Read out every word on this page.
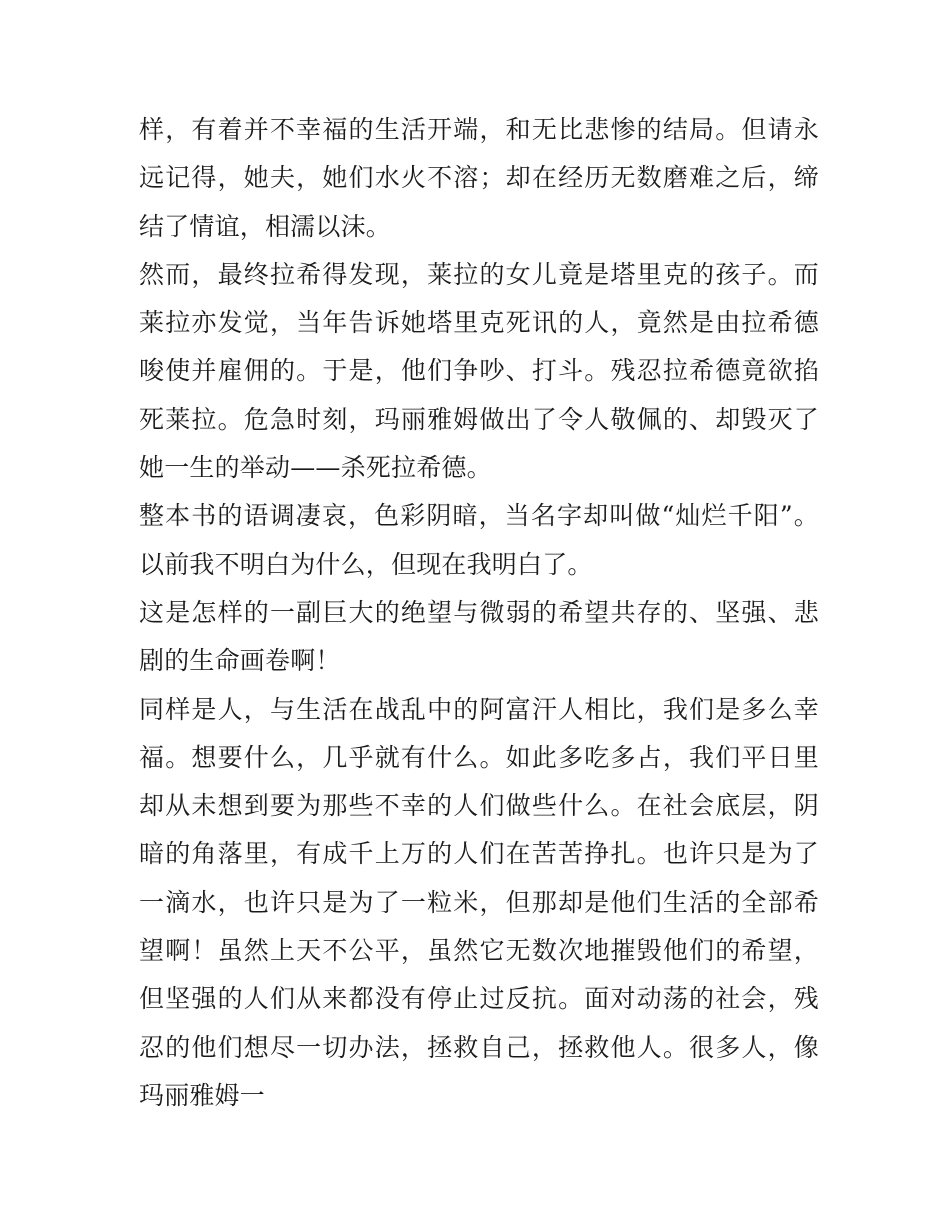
样，有着并不幸福的生活开端，和无比悲惨的结局。但请永远记得，她夫，她们水火不溶；却在经历无数磨难之后，缔结了情谊，相濡以沫。

然而，最终拉希得发现，莱拉的女儿竟是塔里克的孩子。而莱拉亦发觉，当年告诉她塔里克死讯的人，竟然是由拉希德唆使并雇佣的。于是，他们争吵、打斗。残忍拉希德竟欲掐死莱拉。危急时刻，玛丽雅姆做出了令人敬佩的、却毁灭了她一生的举动——杀死拉希德。

整本书的语调凄哀，色彩阴暗，当名字却叫做“灿烂千阳”。以前我不明白为什么，但现在我明白了。

这是怎样的一副巨大的绝望与微弱的希望共存的、坚强、悲剧的生命画卷啊！

同样是人，与生活在战乱中的阿富汗人相比，我们是多么幸福。想要什么，几乎就有什么。如此多吃多占，我们平日里却从未想到要为那些不幸的人们做些什么。在社会底层，阴暗的角落里，有成千上万的人们在苦苦挣扎。也许只是为了一滴水，也许只是为了一粒米，但那却是他们生活的全部希望啊！虽然上天不公平，虽然它无数次地摧毁他们的希望，但坚强的人们从来都没有停止过反抗。面对动荡的社会，残忍的他们想尽一切办法，拯救自己，拯救他人。很多人，像玛丽雅姆一
